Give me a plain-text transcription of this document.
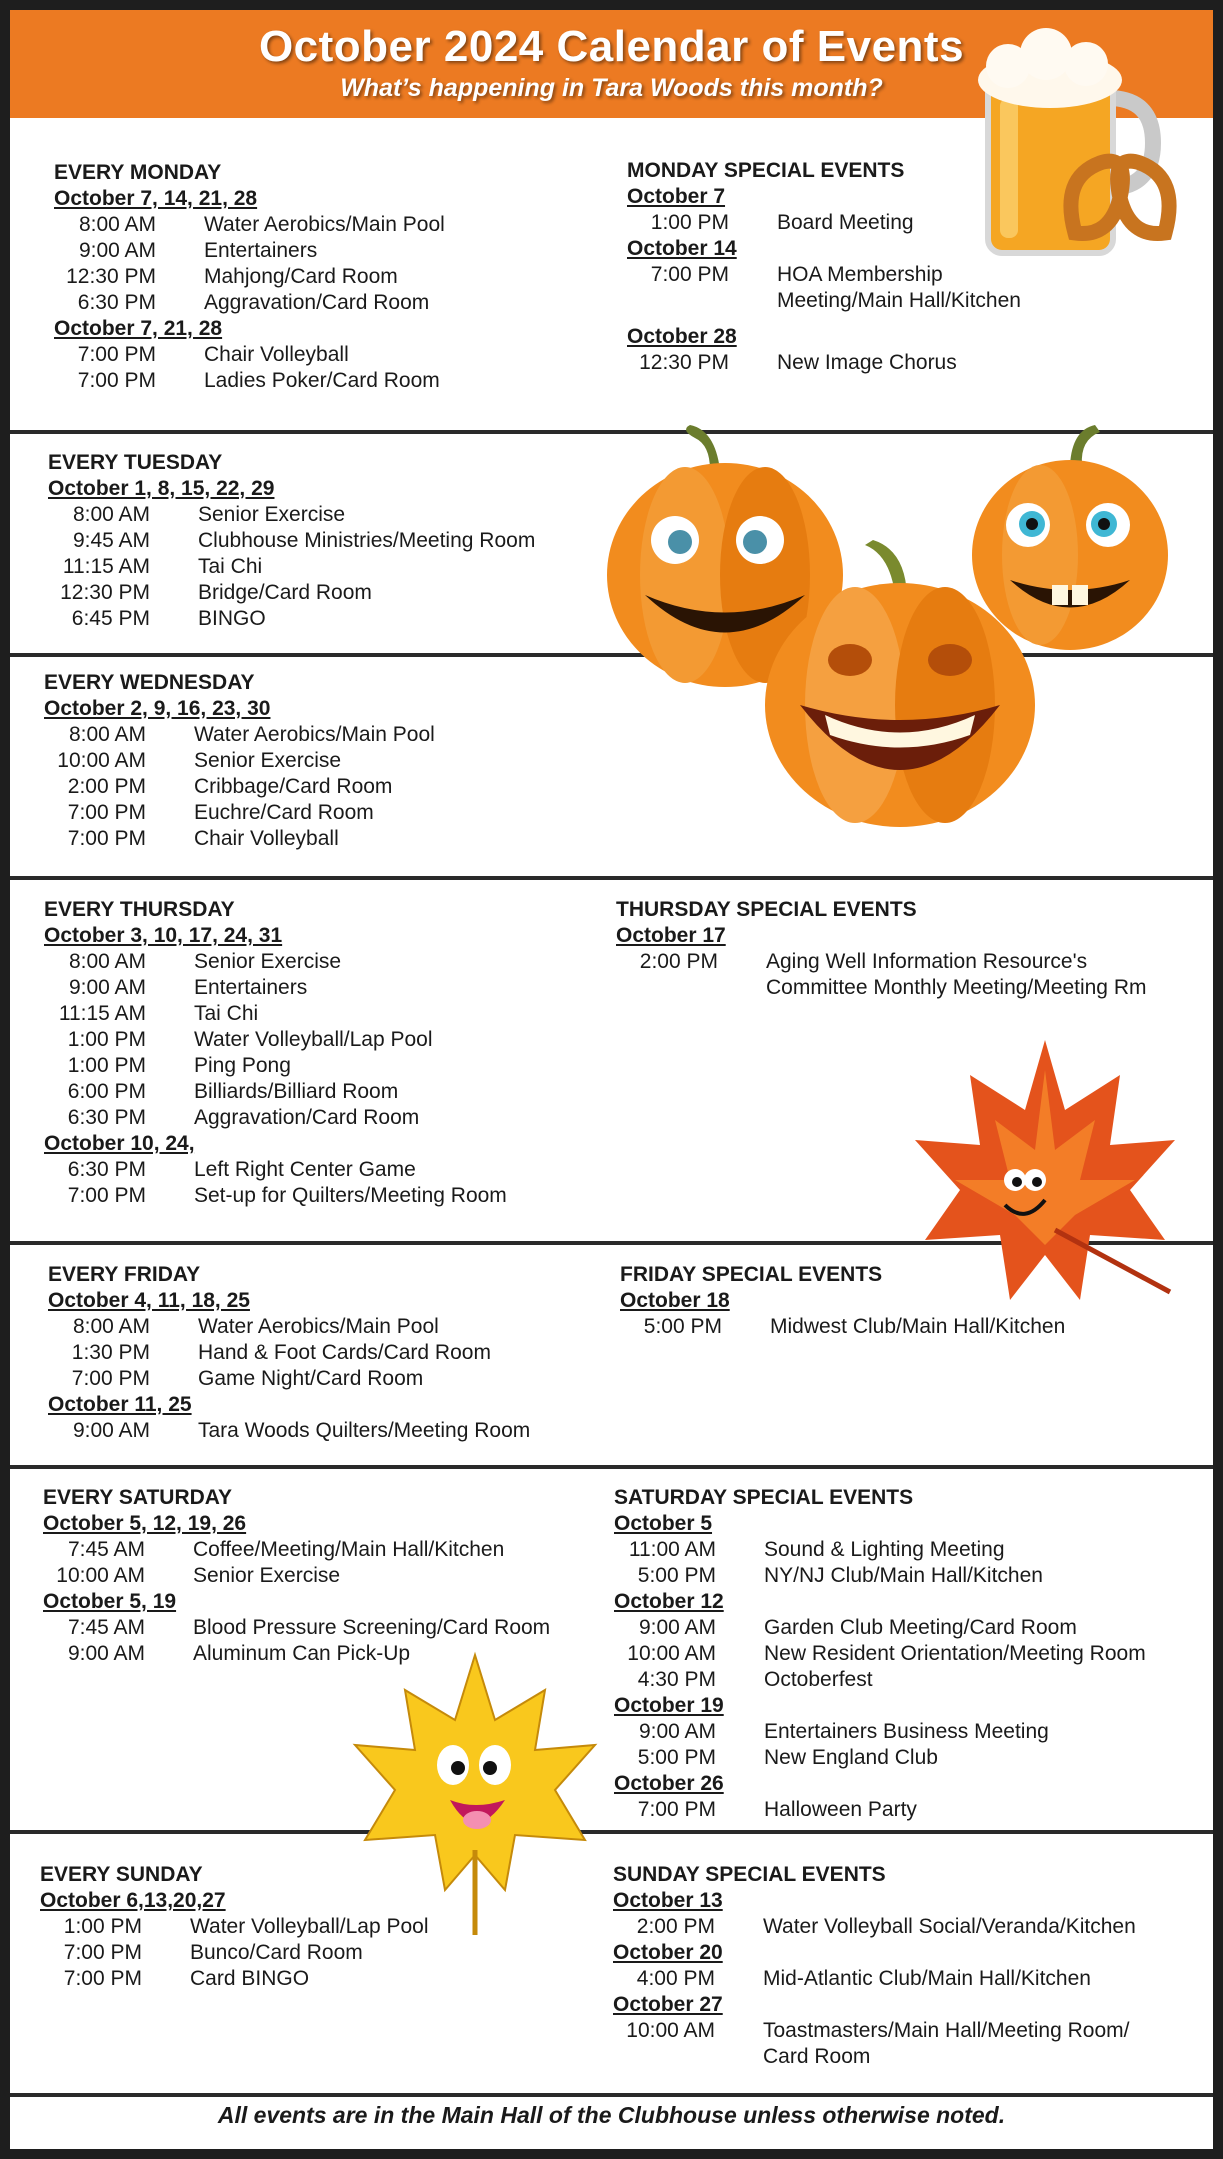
October 2024 Calendar of Events
What’s happening in Tara Woods this month?
EVERY MONDAY
October 7, 14, 21, 28
8:00 AM Water Aerobics/Main Pool
9:00 AM Entertainers
12:30 PM Mahjong/Card Room
6:30 PM Aggravation/Card Room
October 7, 21, 28
7:00 PM Chair Volleyball
7:00 PM Ladies Poker/Card Room
MONDAY SPECIAL EVENTS
October 7
1:00 PM Board Meeting
October 14
7:00 PM HOA Membership
Meeting/Main Hall/Kitchen
October 28
12:30 PM New Image Chorus
EVERY TUESDAY
October 1, 8, 15, 22, 29
8:00 AM Senior Exercise
9:45 AM Clubhouse Ministries/Meeting Room
11:15 AM Tai Chi
12:30 PM Bridge/Card Room
6:45 PM BINGO
EVERY WEDNESDAY
October 2, 9, 16, 23, 30
8:00 AM Water Aerobics/Main Pool
10:00 AM Senior Exercise
2:00 PM Cribbage/Card Room
7:00 PM Euchre/Card Room
7:00 PM Chair Volleyball
EVERY THURSDAY
October 3, 10, 17, 24, 31
8:00 AM Senior Exercise
9:00 AM Entertainers
11:15 AM Tai Chi
1:00 PM Water Volleyball/Lap Pool
1:00 PM Ping Pong
6:00 PM Billiards/Billiard Room
6:30 PM Aggravation/Card Room
October 10, 24,
6:30 PM Left Right Center Game
7:00 PM Set-up for Quilters/Meeting Room
THURSDAY SPECIAL EVENTS
October 17
2:00 PM Aging Well Information Resource's
Committee Monthly Meeting/Meeting Rm
EVERY FRIDAY
October 4, 11, 18, 25
8:00 AM Water Aerobics/Main Pool
1:30 PM Hand & Foot Cards/Card Room
7:00 PM Game Night/Card Room
October 11, 25
9:00 AM Tara Woods Quilters/Meeting Room
FRIDAY SPECIAL EVENTS
October 18
5:00 PM Midwest Club/Main Hall/Kitchen
EVERY SATURDAY
October 5, 12, 19, 26
7:45 AM Coffee/Meeting/Main Hall/Kitchen
10:00 AM Senior Exercise
October 5, 19
7:45 AM Blood Pressure Screening/Card Room
9:00 AM Aluminum Can Pick-Up
SATURDAY SPECIAL EVENTS
October 5
11:00 AM Sound & Lighting Meeting
5:00 PM NY/NJ Club/Main Hall/Kitchen
October 12
9:00 AM Garden Club Meeting/Card Room
10:00 AM New Resident Orientation/Meeting Room
4:30 PM Octoberfest
October 19
9:00 AM Entertainers Business Meeting
5:00 PM New England Club
October 26
7:00 PM Halloween Party
EVERY SUNDAY
October 6,13,20,27
1:00 PM Water Volleyball/Lap Pool
7:00 PM Bunco/Card Room
7:00 PM Card BINGO
SUNDAY SPECIAL EVENTS
October 13
2:00 PM Water Volleyball Social/Veranda/Kitchen
October 20
4:00 PM Mid-Atlantic Club/Main Hall/Kitchen
October 27
10:00 AM Toastmasters/Main Hall/Meeting Room/
Card Room
All events are in the Main Hall of the Clubhouse unless otherwise noted.
